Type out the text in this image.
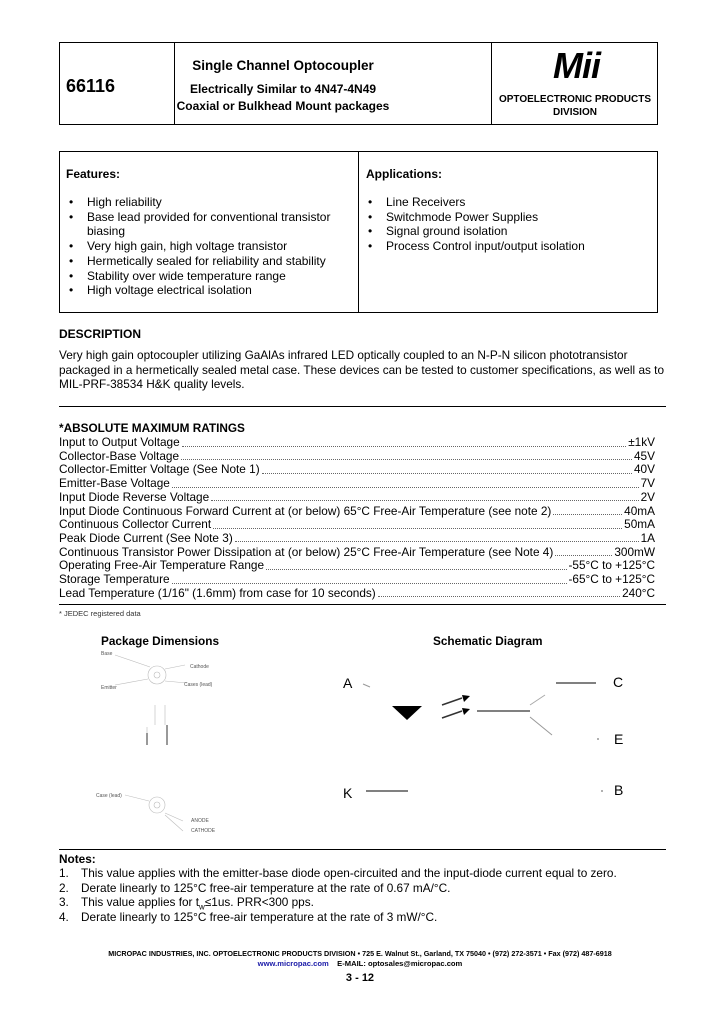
66116
Single Channel Optocoupler
Electrically Similar to 4N47-4N49
Coaxial or Bulkhead Mount packages
Mii
OPTOELECTRONIC PRODUCTS
DIVISION
Features:
• High reliability
• Base lead provided for conventional transistor biasing
• Very high gain, high voltage transistor
• Hermetically sealed for reliability and stability
• Stability over wide temperature range
• High voltage electrical isolation
Applications:
• Line Receivers
• Switchmode Power Supplies
• Signal ground isolation
• Process Control input/output isolation
DESCRIPTION
Very high gain optocoupler utilizing GaAlAs infrared LED optically coupled to an N-P-N silicon phototransistor packaged in a hermetically sealed metal case. These devices can be tested to customer specifications, as well as to MIL-PRF-38534 H&K quality levels.
*ABSOLUTE MAXIMUM RATINGS
Input to Output Voltage	±1kV
Collector-Base Voltage	45V
Collector-Emitter Voltage (See Note 1)	40V
Emitter-Base Voltage	7V
Input Diode Reverse Voltage	2V
Input Diode Continuous Forward Current at (or below) 65°C Free-Air Temperature (see note 2)	40mA
Continuous Collector Current	50mA
Peak Diode Current (See Note 3)	1A
Continuous Transistor Power Dissipation at (or below) 25°C Free-Air Temperature (see Note 4)	300mW
Operating Free-Air Temperature Range	-55°C to +125°C
Storage Temperature	-65°C to +125°C
Lead Temperature (1/16" (1.6mm) from case for 10 seconds)	240°C
* JEDEC registered data
Package Dimensions
Base
Cathode
Emitter	Cases (lead)
Case (lead)
ANODE
CATHODE
Schematic Diagram
A	C
E
K	B
Notes:
1.	This value applies with the emitter-base diode open-circuited and the input-diode current equal to zero.
2.	Derate linearly to 125°C free-air temperature at the rate of 0.67 mA/°C.
3.	This value applies for $t_w\le 1us$. PRR<300 pps.
4.	Derate linearly to 125°C free-air temperature at the rate of 3 mW/°C.
MICROPAC INDUSTRIES, INC. OPTOELECTRONIC PRODUCTS DIVISION • 725 E. Walnut St., Garland, TX 75040 • (972) 272-3571 • Fax (972) 487-6918
www.micropac.com E-MAIL: optosales@micropac.com
3 - 12
